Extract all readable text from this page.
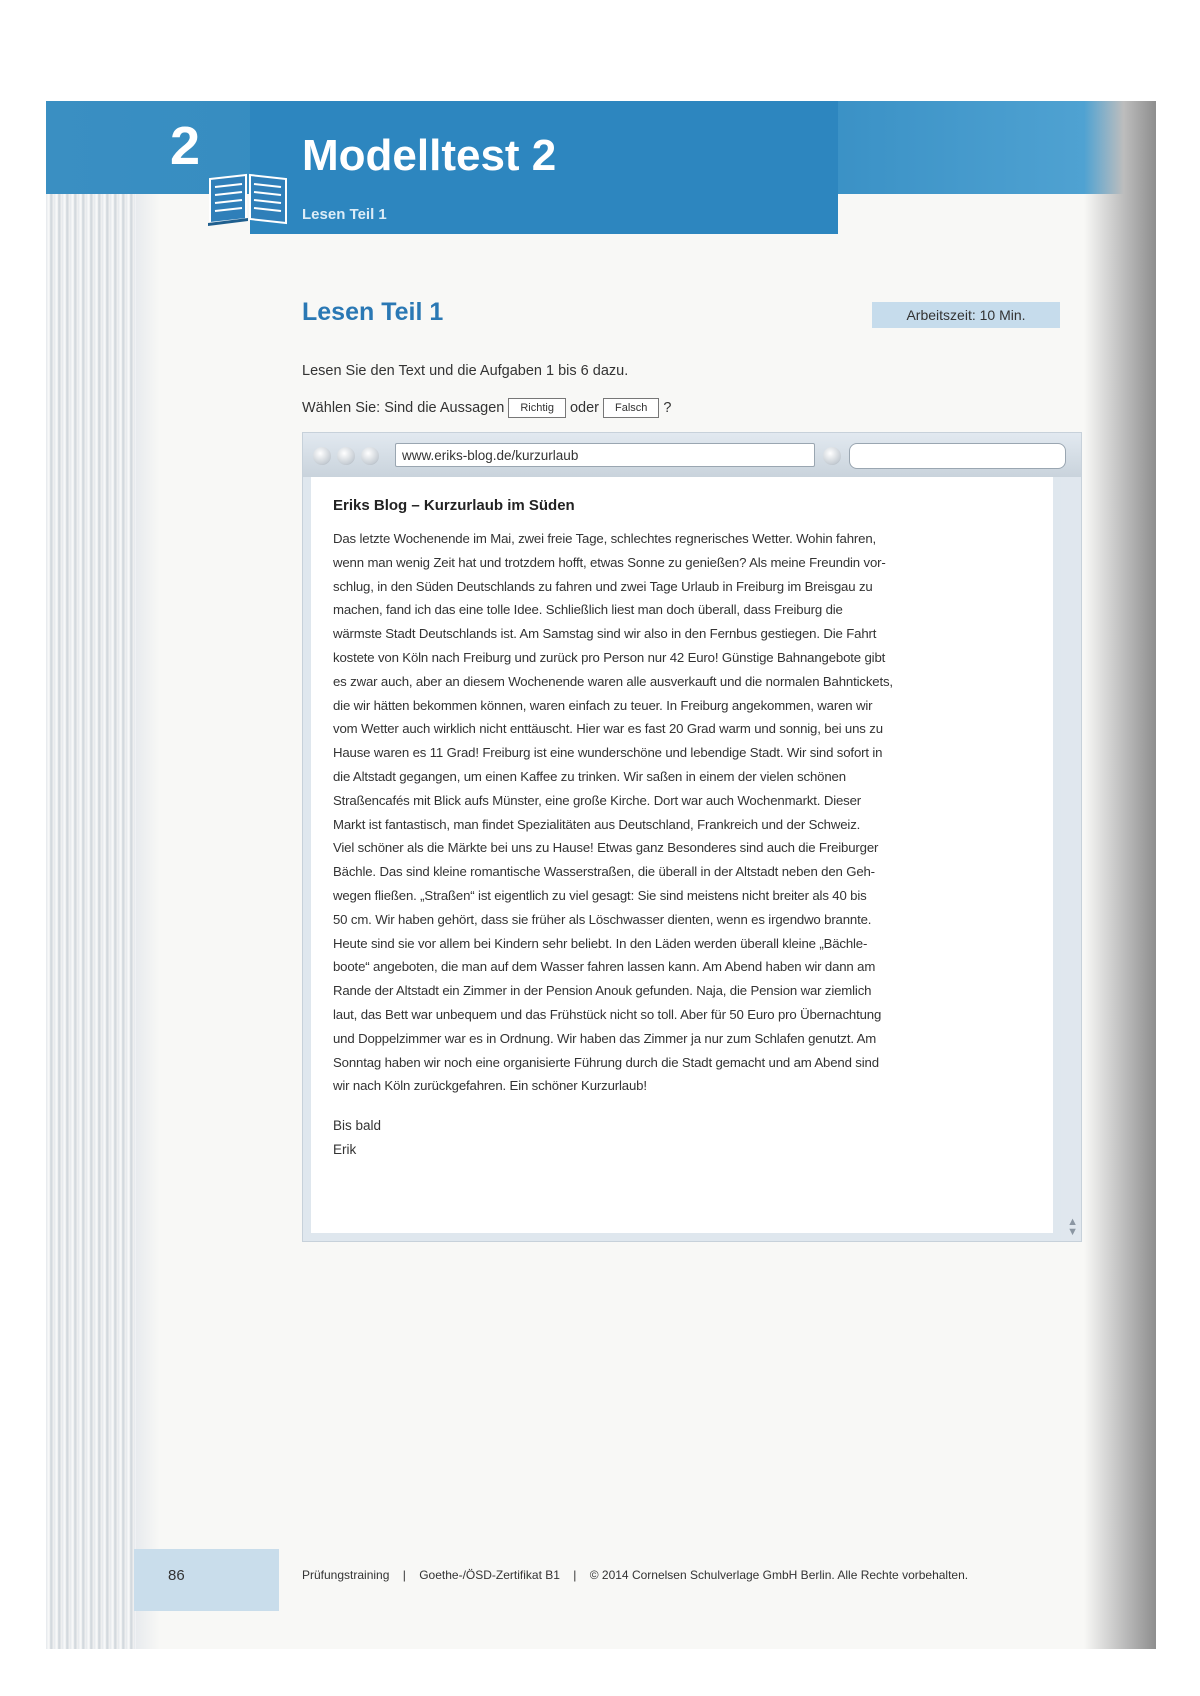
2 Modelltest 2
Lesen Teil 1
Lesen Teil 1	Arbeitszeit: 10 Min.
Lesen Sie den Text und die Aufgaben 1 bis 6 dazu.
Wählen Sie: Sind die Aussagen	Richtig	oder	Falsch	?
www.eriks-blog.de/kurzurlaub
Eriks Blog – Kurzurlaub im Süden
Das letzte Wochenende im Mai, zwei freie Tage, schlechtes regnerisches Wetter. Wohin fahren,
wenn man wenig Zeit hat und trotzdem hofft, etwas Sonne zu genießen? Als meine Freundin vor-
schlug, in den Süden Deutschlands zu fahren und zwei Tage Urlaub in Freiburg im Breisgau zu
machen, fand ich das eine tolle Idee. Schließlich liest man doch überall, dass Freiburg die
wärmste Stadt Deutschlands ist. Am Samstag sind wir also in den Fernbus gestiegen. Die Fahrt
kostete von Köln nach Freiburg und zurück pro Person nur 42 Euro! Günstige Bahnangebote gibt
es zwar auch, aber an diesem Wochenende waren alle ausverkauft und die normalen Bahntickets,
die wir hätten bekommen können, waren einfach zu teuer. In Freiburg angekommen, waren wir
vom Wetter auch wirklich nicht enttäuscht. Hier war es fast 20 Grad warm und sonnig, bei uns zu
Hause waren es 11 Grad! Freiburg ist eine wunderschöne und lebendige Stadt. Wir sind sofort in
die Altstadt gegangen, um einen Kaffee zu trinken. Wir saßen in einem der vielen schönen
Straßencafés mit Blick aufs Münster, eine große Kirche. Dort war auch Wochenmarkt. Dieser
Markt ist fantastisch, man findet Spezialitäten aus Deutschland, Frankreich und der Schweiz.
Viel schöner als die Märkte bei uns zu Hause! Etwas ganz Besonderes sind auch die Freiburger
Bächle. Das sind kleine romantische Wasserstraßen, die überall in der Altstadt neben den Geh-
wegen fließen. „Straßen“ ist eigentlich zu viel gesagt: Sie sind meistens nicht breiter als 40 bis
50 cm. Wir haben gehört, dass sie früher als Löschwasser dienten, wenn es irgendwo brannte.
Heute sind sie vor allem bei Kindern sehr beliebt. In den Läden werden überall kleine „Bächle-
boote“ angeboten, die man auf dem Wasser fahren lassen kann. Am Abend haben wir dann am
Rande der Altstadt ein Zimmer in der Pension Anouk gefunden. Naja, die Pension war ziemlich
laut, das Bett war unbequem und das Frühstück nicht so toll. Aber für 50 Euro pro Übernachtung
und Doppelzimmer war es in Ordnung. Wir haben das Zimmer ja nur zum Schlafen genutzt. Am
Sonntag haben wir noch eine organisierte Führung durch die Stadt gemacht und am Abend sind
wir nach Köln zurückgefahren. Ein schöner Kurzurlaub!
Bis bald
Erik
▲
▼
86	Prüfungstraining | Goethe-/ÖSD-Zertifikat B1 | © 2014 Cornelsen Schulverlage GmbH Berlin. Alle Rechte vorbehalten.
